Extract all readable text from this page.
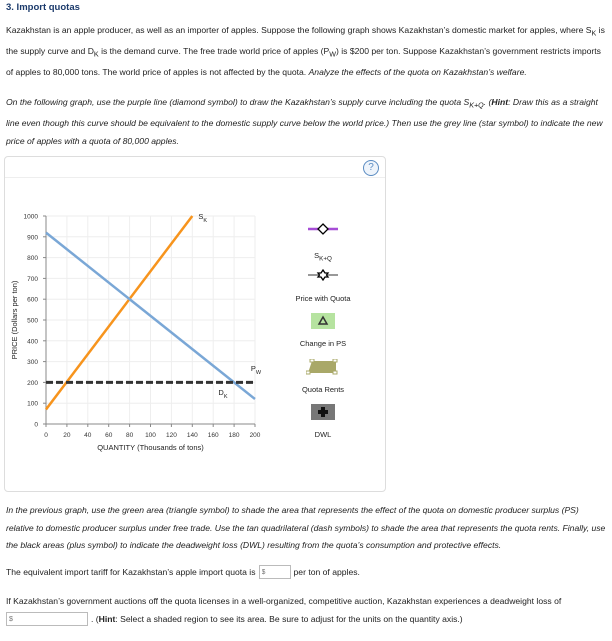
3. Import quotas

Kazakhstan is an apple producer, as well as an importer of apples. Suppose the following graph shows Kazakhstan’s domestic market for apples, where $S_K$ is the supply curve and $D_K$ is the demand curve. The free trade world price of apples $(P_W)$ is $200 per ton. Suppose Kazakhstan’s government restricts imports of apples to 80,000 tons. The world price of apples is not affected by the quota. Analyze the effects of the quota on Kazakhstan’s welfare.

On the following graph, use the purple line (diamond symbol) to draw the Kazakhstan’s supply curve including the quota $S_{K+Q}$. (Hint: Draw this as a straight line even though this curve should be equivalent to the domestic supply curve below the world price.) Then use the grey line (star symbol) to indicate the new price of apples with a quota of 80,000 apples.

?
0
100
200
300
400
500
600
700
800
900
1000
0 20 40 60 80 100 120 140 160 180 200
QUANTITY (Thousands of tons)
PRICE (Dollars per ton)
$S_K$
$D_K$
$P_W$
$S_{K+Q}$
Price with Quota
Change in PS
Quota Rents
DWL

In the previous graph, use the green area (triangle symbol) to shade the area that represents the effect of the quota on domestic producer surplus (PS) relative to domestic producer surplus under free trade. Use the tan quadrilateral (dash symbols) to shade the area that represents the quota rents. Finally, use the black areas (plus symbol) to indicate the deadweight loss (DWL) resulting from the quota’s consumption and protective effects.

The equivalent import tariff for Kazakhstan’s apple import quota is$	per ton of apples.

If Kazakhstan’s government auctions off the quota licenses in a well-organized, competitive auction, Kazakhstan experiences a deadweight loss of
$. (Hint: Select a shaded region to see its area. Be sure to adjust for the units on the quantity axis.)
